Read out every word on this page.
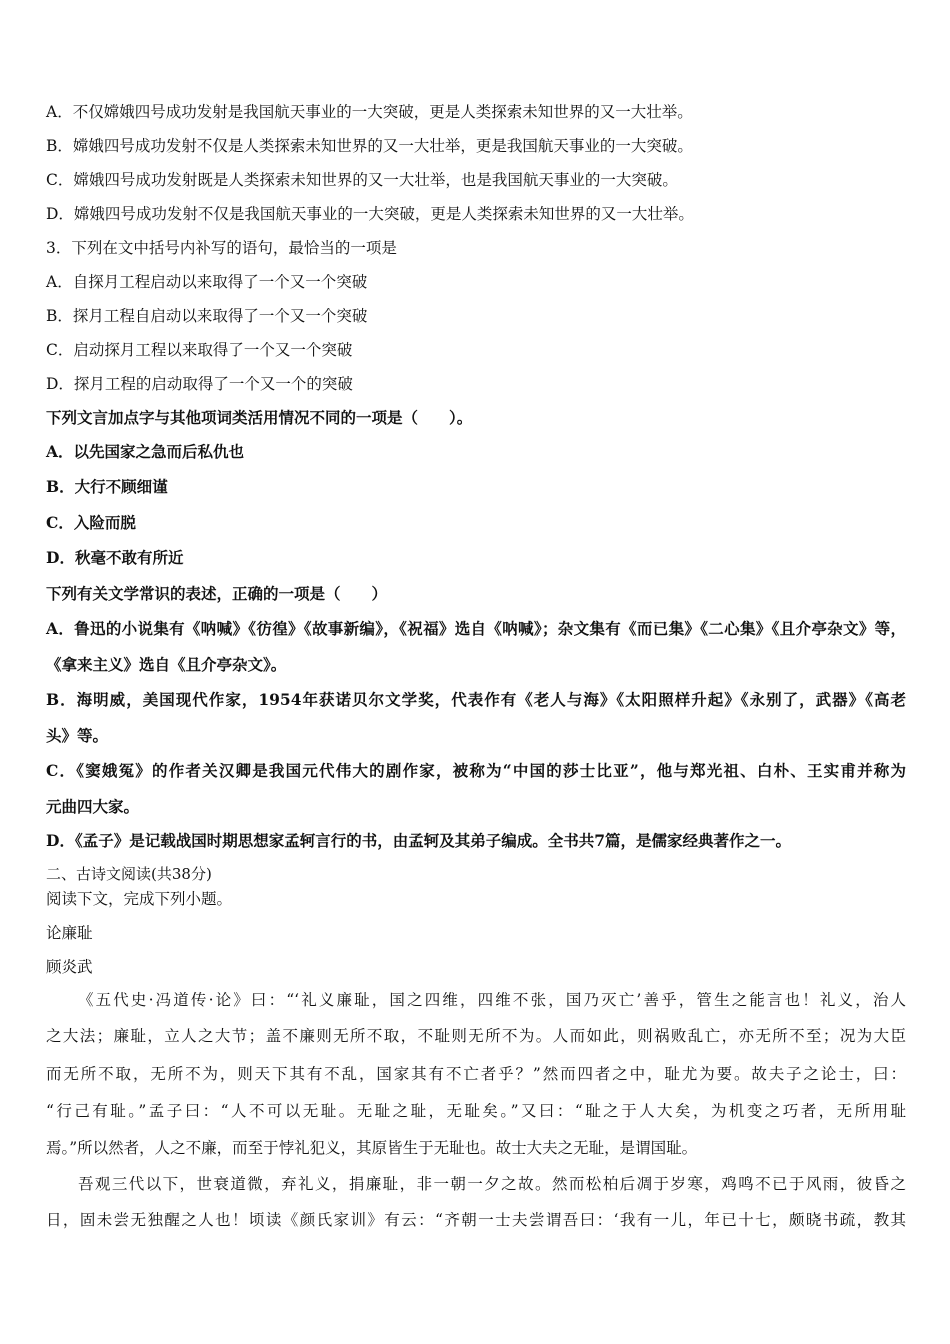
A．不仅嫦娥四号成功发射是我国航天事业的一大突破，更是人类探索未知世界的又一大壮举。
B．嫦娥四号成功发射不仅是人类探索未知世界的又一大壮举，更是我国航天事业的一大突破。
C．嫦娥四号成功发射既是人类探索未知世界的又一大壮举，也是我国航天事业的一大突破。
D．嫦娥四号成功发射不仅是我国航天事业的一大突破，更是人类探索未知世界的又一大壮举。
3．下列在文中括号内补写的语句，最恰当的一项是
A．自探月工程启动以来取得了一个又一个突破
B．探月工程自启动以来取得了一个又一个突破
C．启动探月工程以来取得了一个又一个突破
D．探月工程的启动取得了一个又一个的突破
下列文言加点字与其他项词类活用情况不同的一项是（　　）。
A．以先国家之急而后私仇也
B．大行不顾细谨
C．入险而脱
D．秋毫不敢有所近
下列有关文学常识的表述，正确的一项是（　　）
A．鲁迅的小说集有《呐喊》《彷徨》《故事新编》，《祝福》选自《呐喊》；杂文集有《而已集》《二心集》《且介亭杂文》等，
《拿来主义》选自《且介亭杂文》。
B．海明威，美国现代作家，1954年获诺贝尔文学奖，代表作有《老人与海》《太阳照样升起》《永别了，武器》《高老
头》等。
C．《窦娥冤》的作者关汉卿是我国元代伟大的剧作家，被称为“中国的莎士比亚”，他与郑光祖、白朴、王实甫并称为
元曲四大家。
D．《孟子》是记载战国时期思想家孟轲言行的书，由孟轲及其弟子编成。全书共7篇，是儒家经典著作之一。
二、古诗文阅读(共38分)
阅读下文，完成下列小题。
论廉耻
顾炎武
《五代史·冯道传·论》曰：“‘礼义廉耻，国之四维，四维不张，国乃灭亡’善乎，管生之能言也！礼义，治人
之大法；廉耻，立人之大节；盖不廉则无所不取，不耻则无所不为。人而如此，则祸败乱亡，亦无所不至；况为大臣
而无所不取，无所不为，则天下其有不乱，国家其有不亡者乎？”然而四者之中，耻尤为要。故夫子之论士，曰：
“行己有耻。”孟子曰：“人不可以无耻。无耻之耻，无耻矣。”又曰：“耻之于人大矣，为机变之巧者，无所用耻
焉。”所以然者，人之不廉，而至于悖礼犯义，其原皆生于无耻也。故士大夫之无耻，是谓国耻。
吾观三代以下，世衰道微，弃礼义，捐廉耻，非一朝一夕之故。然而松柏后凋于岁寒，鸡鸣不已于风雨，彼昏之
日，固未尝无独醒之人也！顷读《颜氏家训》有云：“齐朝一士夫尝谓吾曰：‘我有一儿，年已十七，颇晓书疏，教其
